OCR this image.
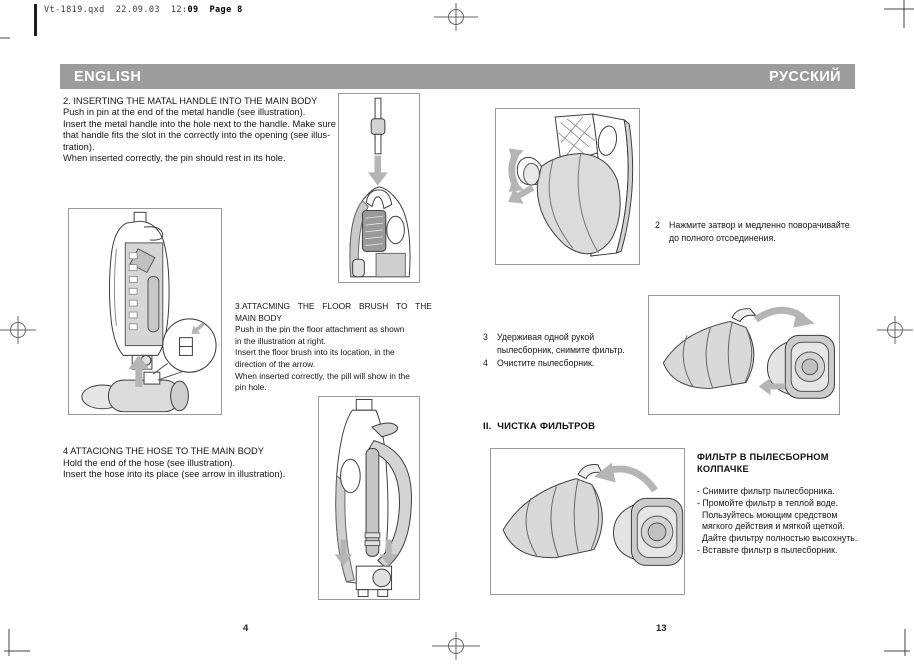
Vt-1819.qxd  22.09.03  12:09  Page 8
ENGLISH	РУССКИЙ
2. INSERTING THE MATAL HANDLE INTO THE MAIN BODY
Push in pin at the end of the metal handle (see illustration).
Insert the metal handle into the hole next to the handle. Make sure
that handle fits the slot in the correctly into the opening (see illus-
tration).
When inserted correctly, the pin should rest in its hole.
3.ATTACMING THE FLOOR BRUSH TO THE
MAIN BODY
Push in the pin the floor attachment as shown
in the illustration at right.
Insert the floor brush into its location, in the
direction of the arrow.
When inserted correctly, the pill will show in the
pin hole.
4 ATTACIONG THE HOSE TO THE MAIN BODY
Hold the end of the hose (see illustration).
Insert the hose into its place (see arrow in illustration).
2 Нажмите затвор и медленно поворачивайте
до полного отсоединения.
3 Удерживая одной рукой
пылесборник, снимите фильтр.
4 Очистите пылесборник.
II.  ЧИСТКА ФИЛЬТРОВ
ФИЛЬТР В ПЫЛЕСБОРНОМ
КОЛПАЧКЕ
- Снимите фильтр пылесборника.
- Промойте фильтр в теплой воде.
Пользуйтесь моющим средством
мягкого действия и мягкой щеткой.
Дайте фильтру полностью высохнуть.
- Вставьте фильтр в пылесборник.
4	13
